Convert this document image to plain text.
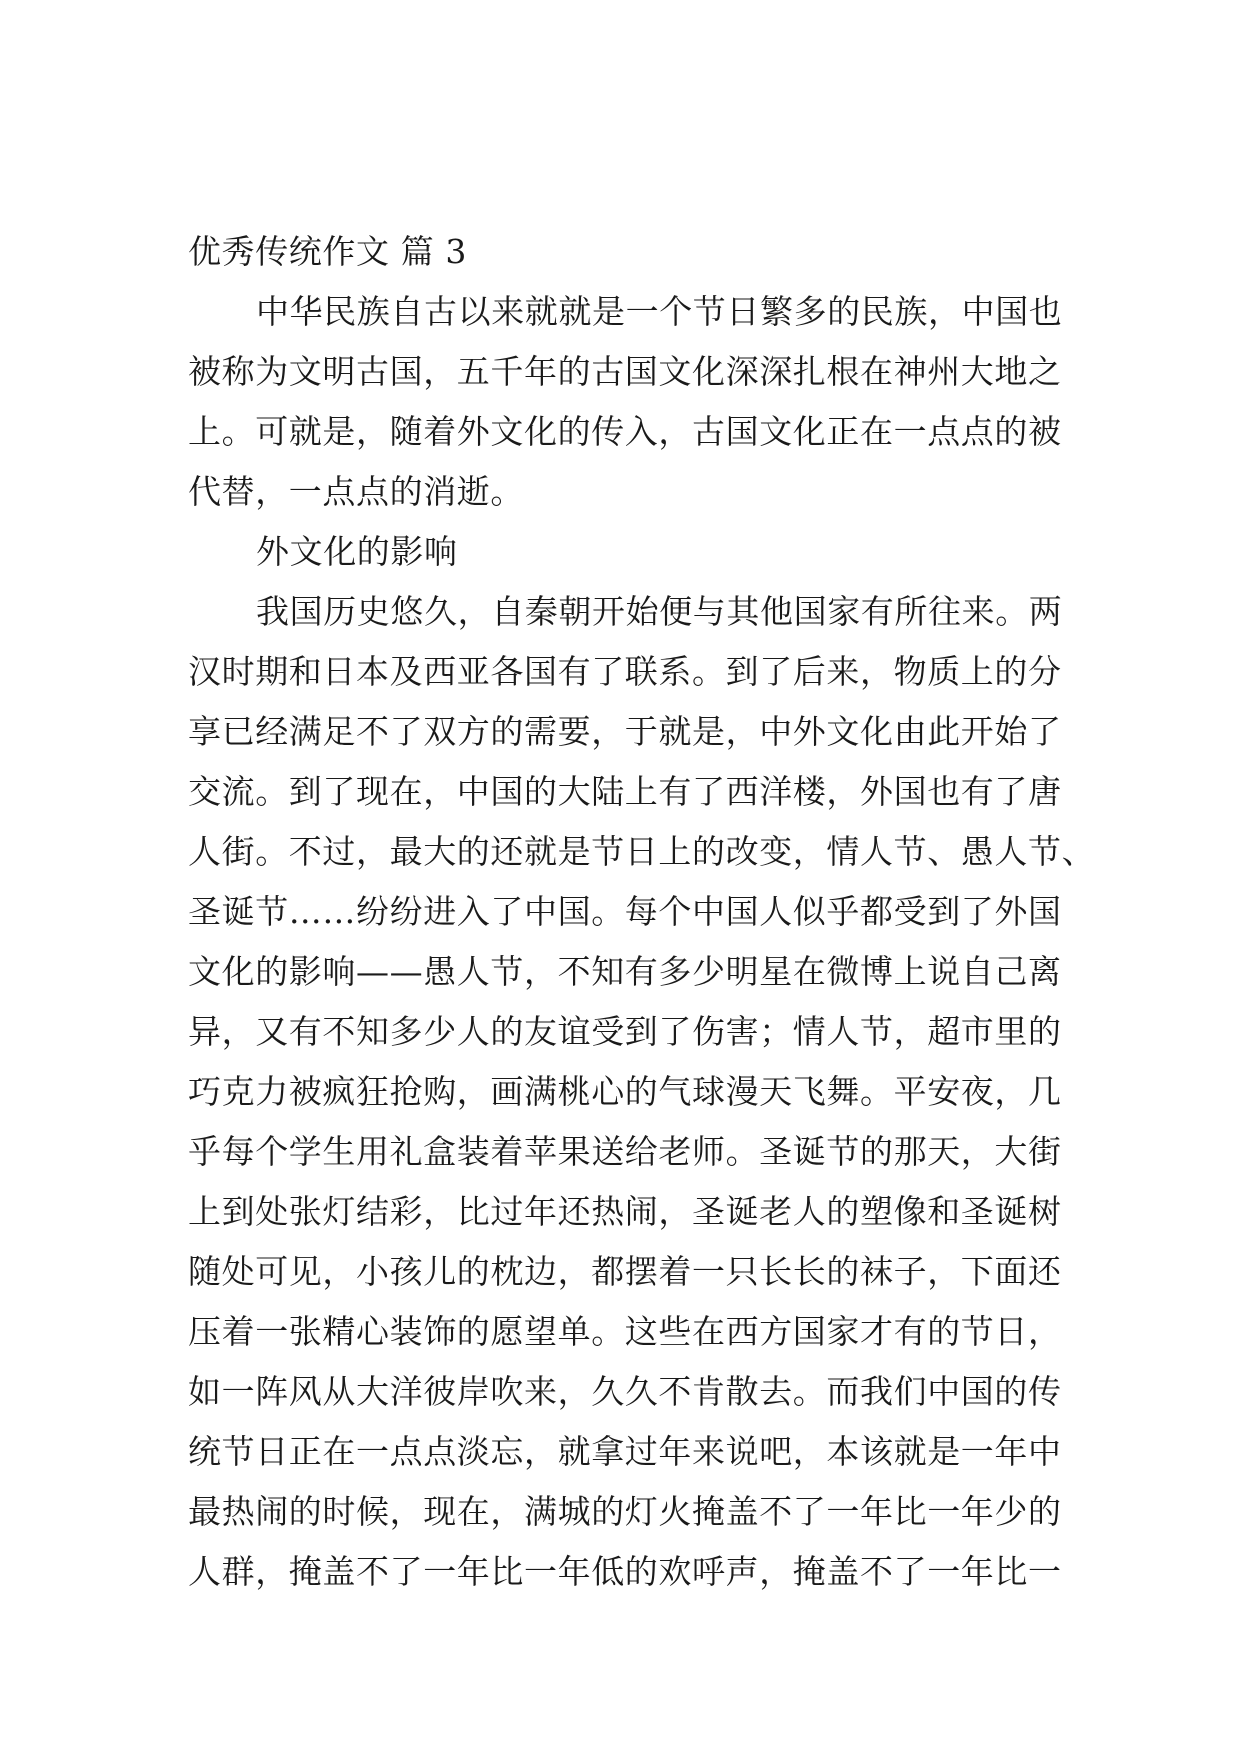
优秀传统作文 篇 3
中华民族自古以来就就是一个节日繁多的民族，中国也
被称为文明古国，五千年的古国文化深深扎根在神州大地之
上。可就是，随着外文化的传入，古国文化正在一点点的被
代替，一点点的消逝。
外文化的影响
我国历史悠久，自秦朝开始便与其他国家有所往来。两
汉时期和日本及西亚各国有了联系。到了后来，物质上的分
享已经满足不了双方的需要，于就是，中外文化由此开始了
交流。到了现在，中国的大陆上有了西洋楼，外国也有了唐
人街。不过，最大的还就是节日上的改变，情人节、愚人节、
圣诞节……纷纷进入了中国。每个中国人似乎都受到了外国
文化的影响——愚人节，不知有多少明星在微博上说自己离
异，又有不知多少人的友谊受到了伤害；情人节，超市里的
巧克力被疯狂抢购，画满桃心的气球漫天飞舞。平安夜，几
乎每个学生用礼盒装着苹果送给老师。圣诞节的那天，大街
上到处张灯结彩，比过年还热闹，圣诞老人的塑像和圣诞树
随处可见，小孩儿的枕边，都摆着一只长长的袜子，下面还
压着一张精心装饰的愿望单。这些在西方国家才有的节日，
如一阵风从大洋彼岸吹来，久久不肯散去。而我们中国的传
统节日正在一点点淡忘，就拿过年来说吧，本该就是一年中
最热闹的时候，现在，满城的灯火掩盖不了一年比一年少的
人群，掩盖不了一年比一年低的欢呼声，掩盖不了一年比一
